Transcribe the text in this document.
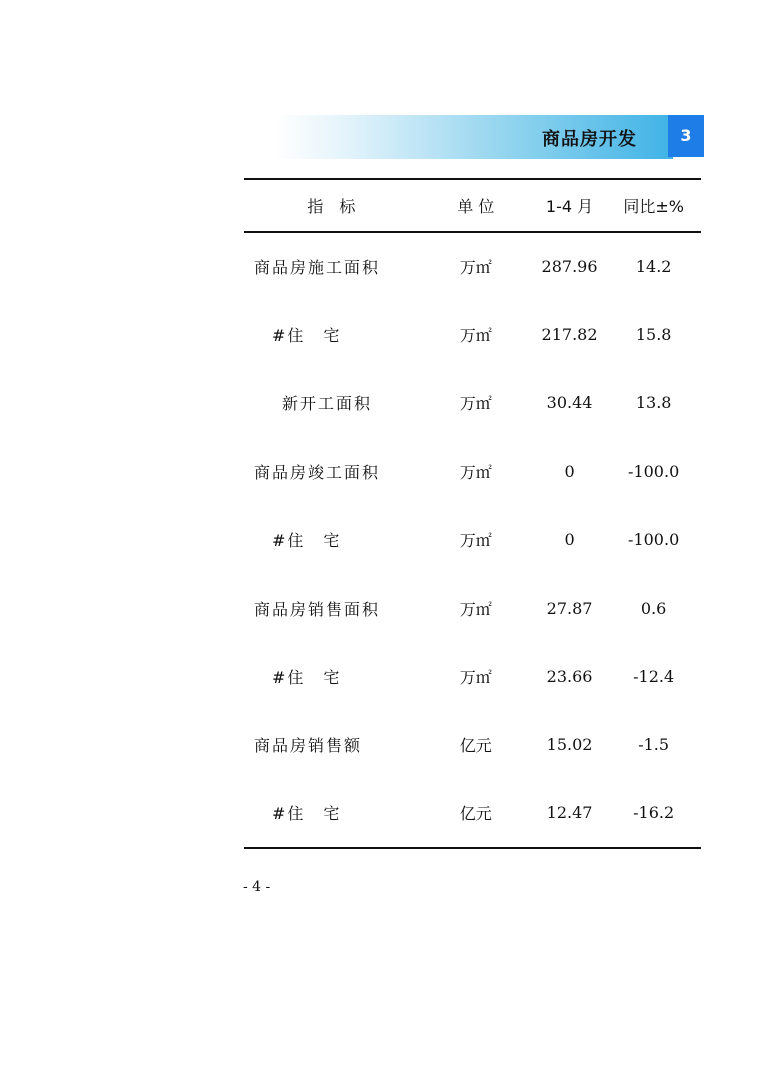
商品房开发	3
指　标	单 位	1-4 月	同比±%
商品房施工面积	万㎡	287.96	14.2
#住　宅	万㎡	217.82	15.8
新开工面积	万㎡	30.44	13.8
商品房竣工面积	万㎡	0	-100.0
#住　宅	万㎡	0	-100.0
商品房销售面积	万㎡	27.87	0.6
#住　宅	万㎡	23.66	-12.4
商品房销售额	亿元	15.02	-1.5
#住　宅	亿元	12.47	-16.2
- 4 -
